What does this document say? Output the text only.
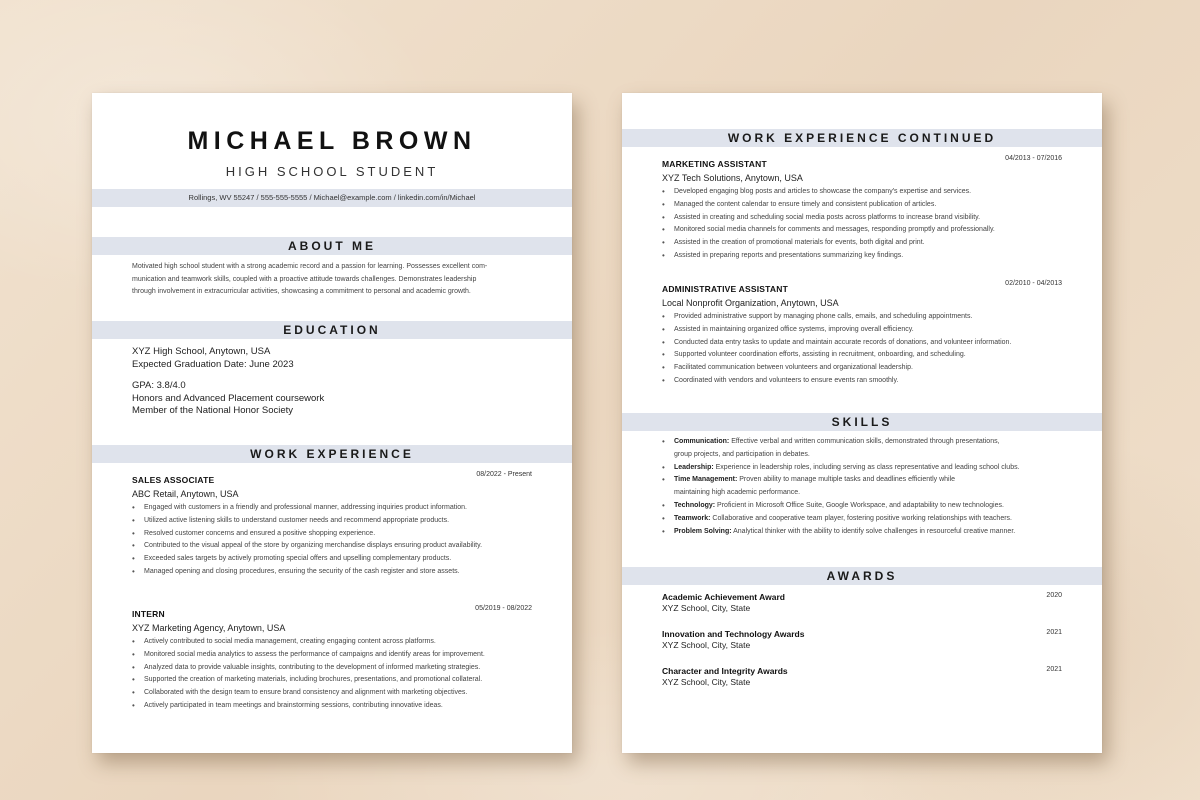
MICHAEL BROWN
HIGH SCHOOL STUDENT
Rollings, WV 55247 / 555-555-5555 / Michael@example.com / linkedin.com/in/Michael
ABOUT ME
Motivated high school student with a strong academic record and a passion for learning. Possesses excellent com-
munication and teamwork skills, coupled with a proactive attitude towards challenges. Demonstrates leadership
through involvement in extracurricular activities, showcasing a commitment to personal and academic growth.
EDUCATION
XYZ High School, Anytown, USA
Expected Graduation Date: June 2023
GPA: 3.8/4.0
Honors and Advanced Placement coursework
Member of the National Honor Society
WORK EXPERIENCE
SALES ASSOCIATE
08/2022 - Present
ABC Retail, Anytown, USA
• Engaged with customers in a friendly and professional manner, addressing inquiries product information.
• Utilized active listening skills to understand customer needs and recommend appropriate products.
• Resolved customer concerns and ensured a positive shopping experience.
• Contributed to the visual appeal of the store by organizing merchandise displays ensuring product availability.
• Exceeded sales targets by actively promoting special offers and upselling complementary products.
• Managed opening and closing procedures, ensuring the security of the cash register and store assets.
INTERN
05/2019 - 08/2022
XYZ Marketing Agency, Anytown, USA
• Actively contributed to social media management, creating engaging content across platforms.
• Monitored social media analytics to assess the performance of campaigns and identify areas for improvement.
• Analyzed data to provide valuable insights, contributing to the development of informed marketing strategies.
• Supported the creation of marketing materials, including brochures, presentations, and promotional collateral.
• Collaborated with the design team to ensure brand consistency and alignment with marketing objectives.
• Actively participated in team meetings and brainstorming sessions, contributing innovative ideas.
WORK EXPERIENCE CONTINUED
MARKETING ASSISTANT
04/2013 - 07/2016
XYZ Tech Solutions, Anytown, USA
• Developed engaging blog posts and articles to showcase the company's expertise and services.
• Managed the content calendar to ensure timely and consistent publication of articles.
• Assisted in creating and scheduling social media posts across platforms to increase brand visibility.
• Monitored social media channels for comments and messages, responding promptly and professionally.
• Assisted in the creation of promotional materials for events, both digital and print.
• Assisted in preparing reports and presentations summarizing key findings.
ADMINISTRATIVE ASSISTANT
02/2010 - 04/2013
Local Nonprofit Organization, Anytown, USA
• Provided administrative support by managing phone calls, emails, and scheduling appointments.
• Assisted in maintaining organized office systems, improving overall efficiency.
• Conducted data entry tasks to update and maintain accurate records of donations, and volunteer information.
• Supported volunteer coordination efforts, assisting in recruitment, onboarding, and scheduling.
• Facilitated communication between volunteers and organizational leadership.
• Coordinated with vendors and volunteers to ensure events ran smoothly.
SKILLS
• Communication: Effective verbal and written communication skills, demonstrated through presentations,
group projects, and participation in debates.
• Leadership: Experience in leadership roles, including serving as class representative and leading school clubs.
• Time Management: Proven ability to manage multiple tasks and deadlines efficiently while
maintaining high academic performance.
• Technology: Proficient in Microsoft Office Suite, Google Workspace, and adaptability to new technologies.
• Teamwork: Collaborative and cooperative team player, fostering positive working relationships with teachers.
• Problem Solving: Analytical thinker with the ability to identify solve challenges in resourceful creative manner.
AWARDS
Academic Achievement Award
XYZ School, City, State
2020
Innovation and Technology Awards
XYZ School, City, State
2021
Character and Integrity Awards
XYZ School, City, State
2021
